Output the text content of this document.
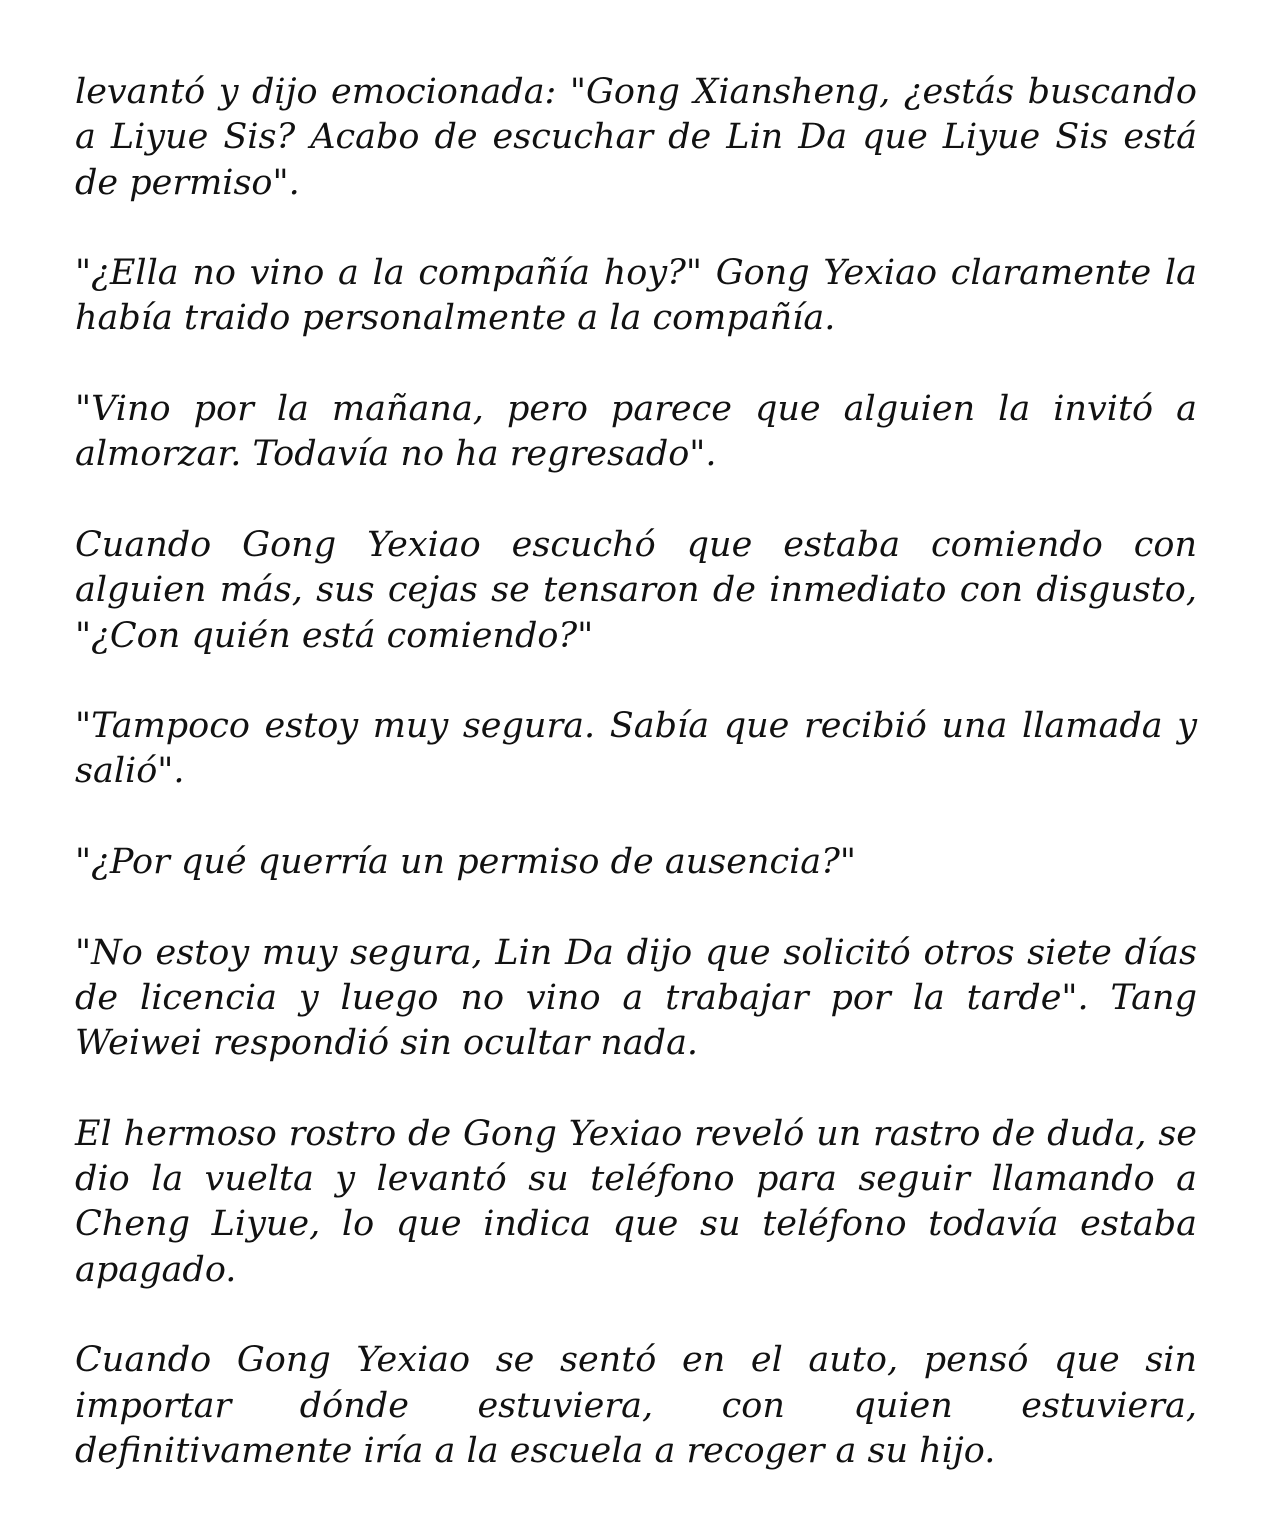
levantó y dijo emocionada: "Gong Xiansheng, ¿estás buscando a Liyue Sis? Acabo de escuchar de Lin Da que Liyue Sis está de permiso".

"¿Ella no vino a la compañía hoy?" Gong Yexiao claramente la había traido personalmente a la compañía.

"Vino por la mañana, pero parece que alguien la invitó a almorzar. Todavía no ha regresado".

Cuando Gong Yexiao escuchó que estaba comiendo con alguien más, sus cejas se tensaron de inmediato con disgusto, "¿Con quién está comiendo?"

"Tampoco estoy muy segura. Sabía que recibió una llamada y salió".

"¿Por qué querría un permiso de ausencia?"

"No estoy muy segura, Lin Da dijo que solicitó otros siete días de licencia y luego no vino a trabajar por la tarde". Tang Weiwei respondió sin ocultar nada.

El hermoso rostro de Gong Yexiao reveló un rastro de duda, se dio la vuelta y levantó su teléfono para seguir llamando a Cheng Liyue, lo que indica que su teléfono todavía estaba apagado.

Cuando Gong Yexiao se sentó en el auto, pensó que sin importar dónde estuviera, con quien estuviera, definitivamente iría a la escuela a recoger a su hijo.
